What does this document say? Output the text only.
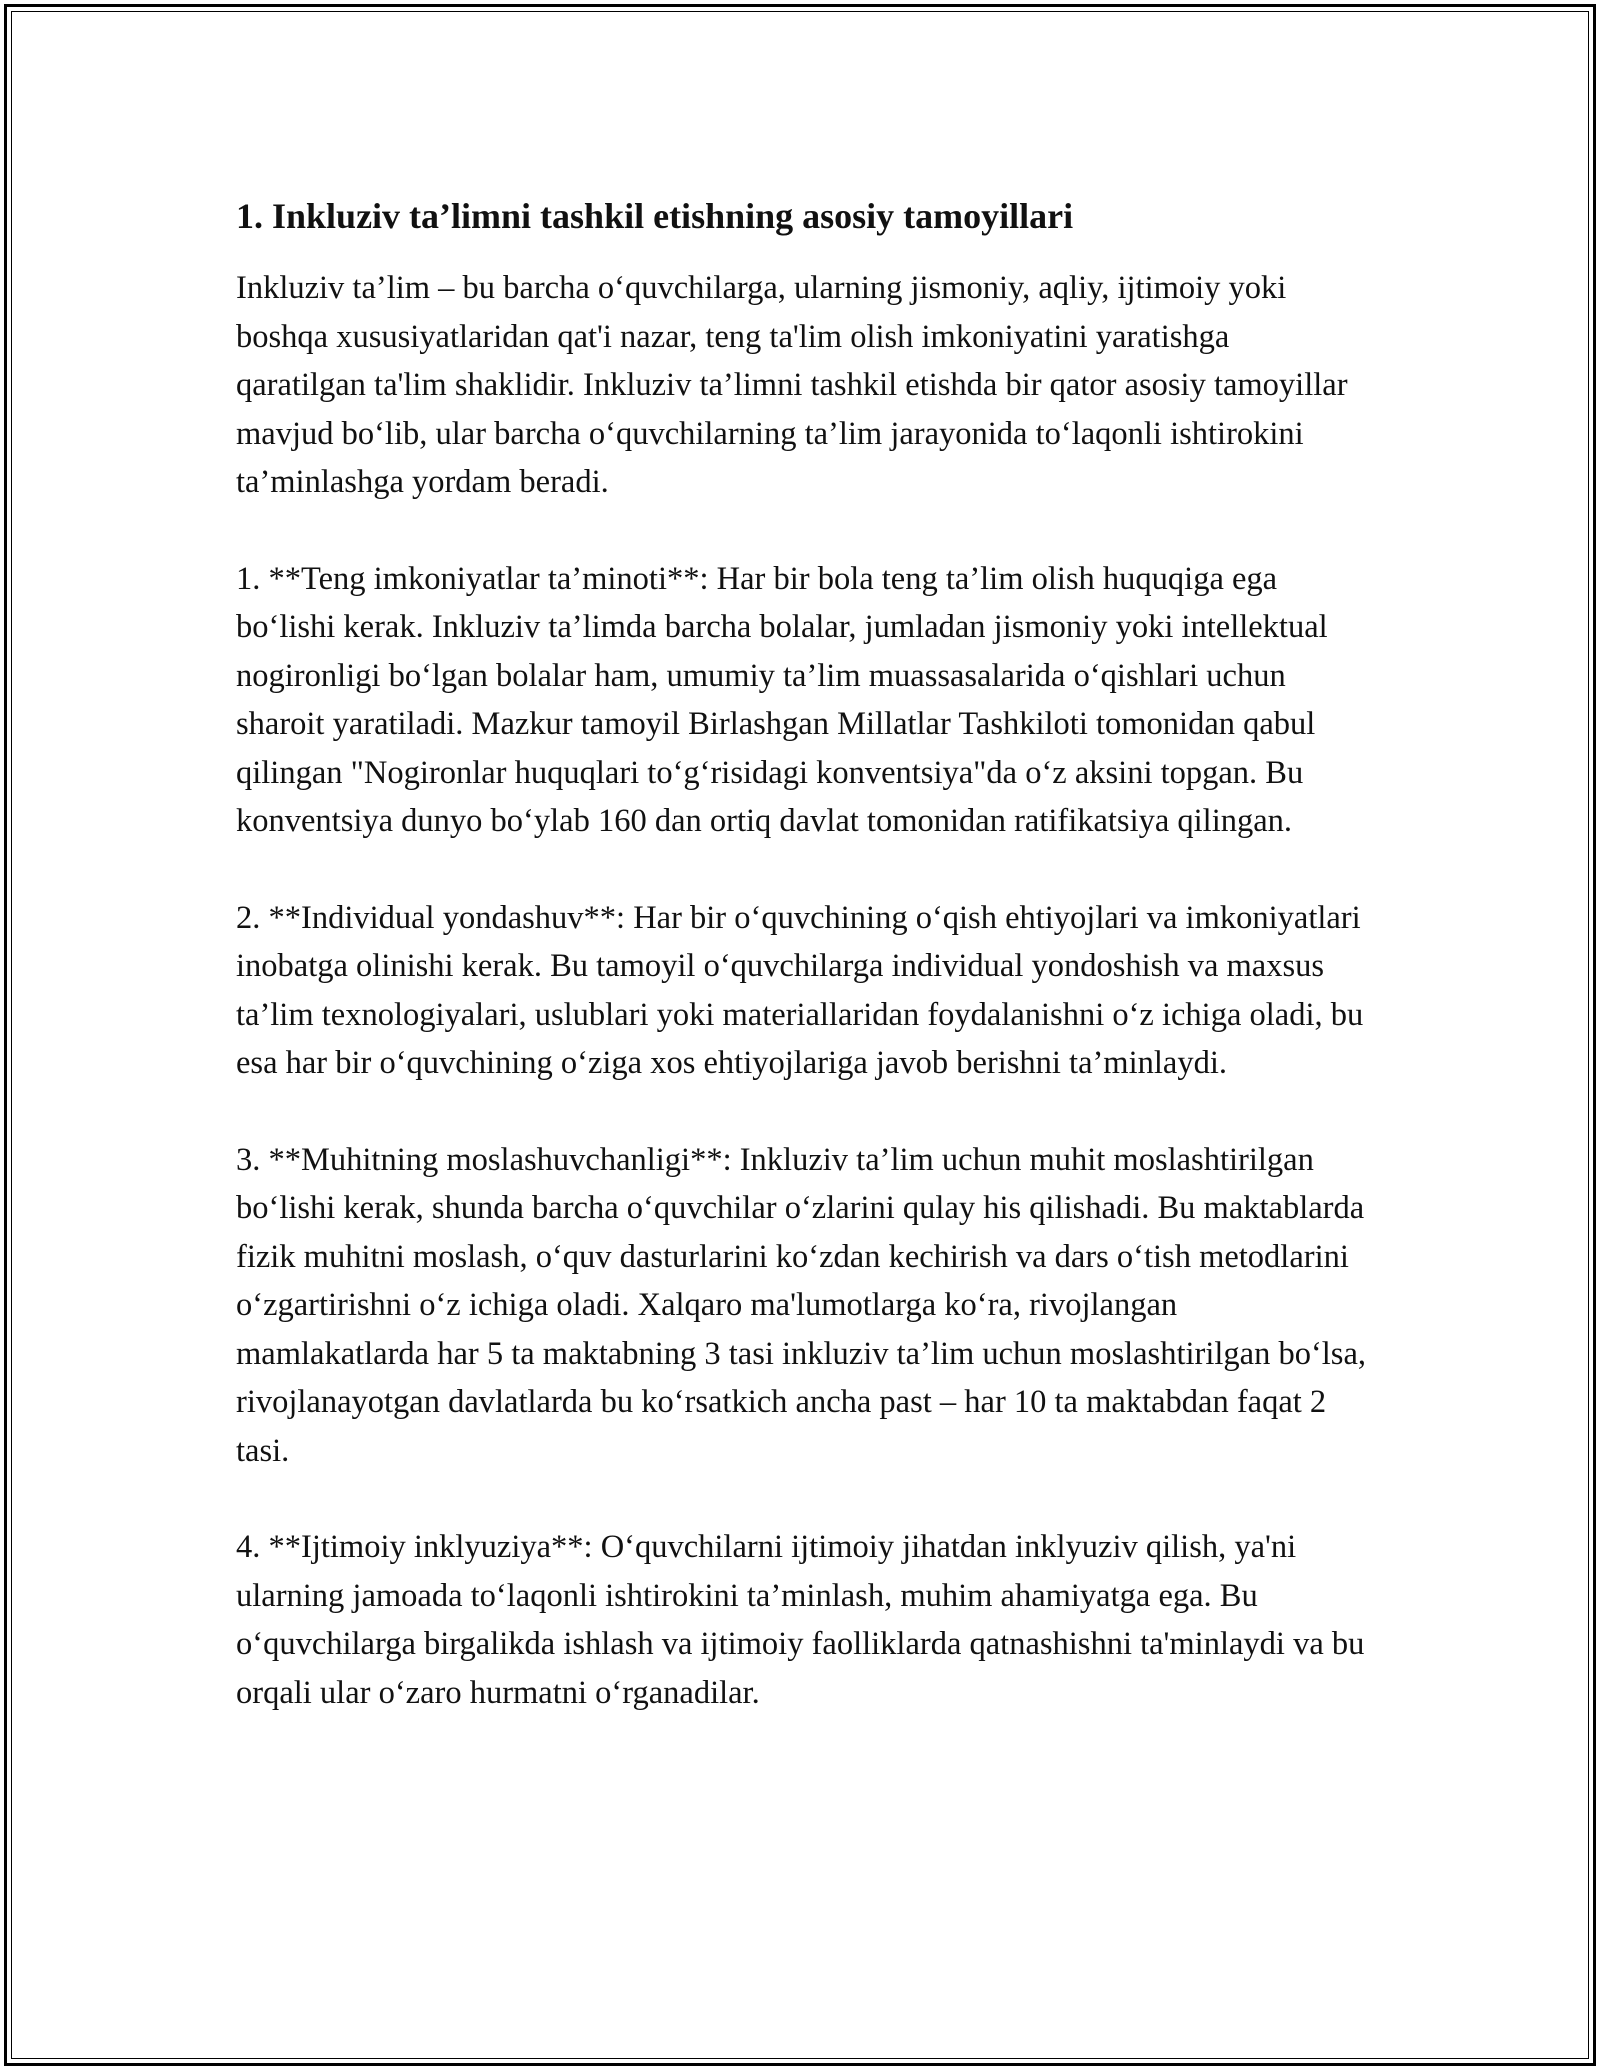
1. Inkluziv ta’limni tashkil etishning asosiy tamoyillari

Inkluziv ta’lim – bu barcha o‘quvchilarga, ularning jismoniy, aqliy, ijtimoiy yoki boshqa xususiyatlaridan qat'i nazar, teng ta'lim olish imkoniyatini yaratishga qaratilgan ta'lim shaklidir. Inkluziv ta’limni tashkil etishda bir qator asosiy tamoyillar mavjud bo‘lib, ular barcha o‘quvchilarning ta’lim jarayonida to‘laqonli ishtirokini ta’minlashga yordam beradi.

1. **Teng imkoniyatlar ta’minoti**: Har bir bola teng ta’lim olish huquqiga ega bo‘lishi kerak. Inkluziv ta’limda barcha bolalar, jumladan jismoniy yoki intellektual nogironligi bo‘lgan bolalar ham, umumiy ta’lim muassasalarida o‘qishlari uchun sharoit yaratiladi. Mazkur tamoyil Birlashgan Millatlar Tashkiloti tomonidan qabul qilingan "Nogironlar huquqlari to‘g‘risidagi konventsiya"da o‘z aksini topgan. Bu konventsiya dunyo bo‘ylab 160 dan ortiq davlat tomonidan ratifikatsiya qilingan.

2. **Individual yondashuv**: Har bir o‘quvchining o‘qish ehtiyojlari va imkoniyatlari inobatga olinishi kerak. Bu tamoyil o‘quvchilarga individual yondoshish va maxsus ta’lim texnologiyalari, uslublari yoki materiallaridan foydalanishni o‘z ichiga oladi, bu esa har bir o‘quvchining o‘ziga xos ehtiyojlariga javob berishni ta’minlaydi.

3. **Muhitning moslashuvchanligi**: Inkluziv ta’lim uchun muhit moslashtirilgan bo‘lishi kerak, shunda barcha o‘quvchilar o‘zlarini qulay his qilishadi. Bu maktablarda fizik muhitni moslash, o‘quv dasturlarini ko‘zdan kechirish va dars o‘tish metodlarini o‘zgartirishni o‘z ichiga oladi. Xalqaro ma'lumotlarga ko‘ra, rivojlangan mamlakatlarda har 5 ta maktabning 3 tasi inkluziv ta’lim uchun moslashtirilgan bo‘lsa, rivojlanayotgan davlatlarda bu ko‘rsatkich ancha past – har 10 ta maktabdan faqat 2 tasi.

4. **Ijtimoiy inklyuziya**: O‘quvchilarni ijtimoiy jihatdan inklyuziv qilish, ya'ni ularning jamoada to‘laqonli ishtirokini ta’minlash, muhim ahamiyatga ega. Bu o‘quvchilarga birgalikda ishlash va ijtimoiy faolliklarda qatnashishni ta'minlaydi va bu orqali ular o‘zaro hurmatni o‘rganadilar.
